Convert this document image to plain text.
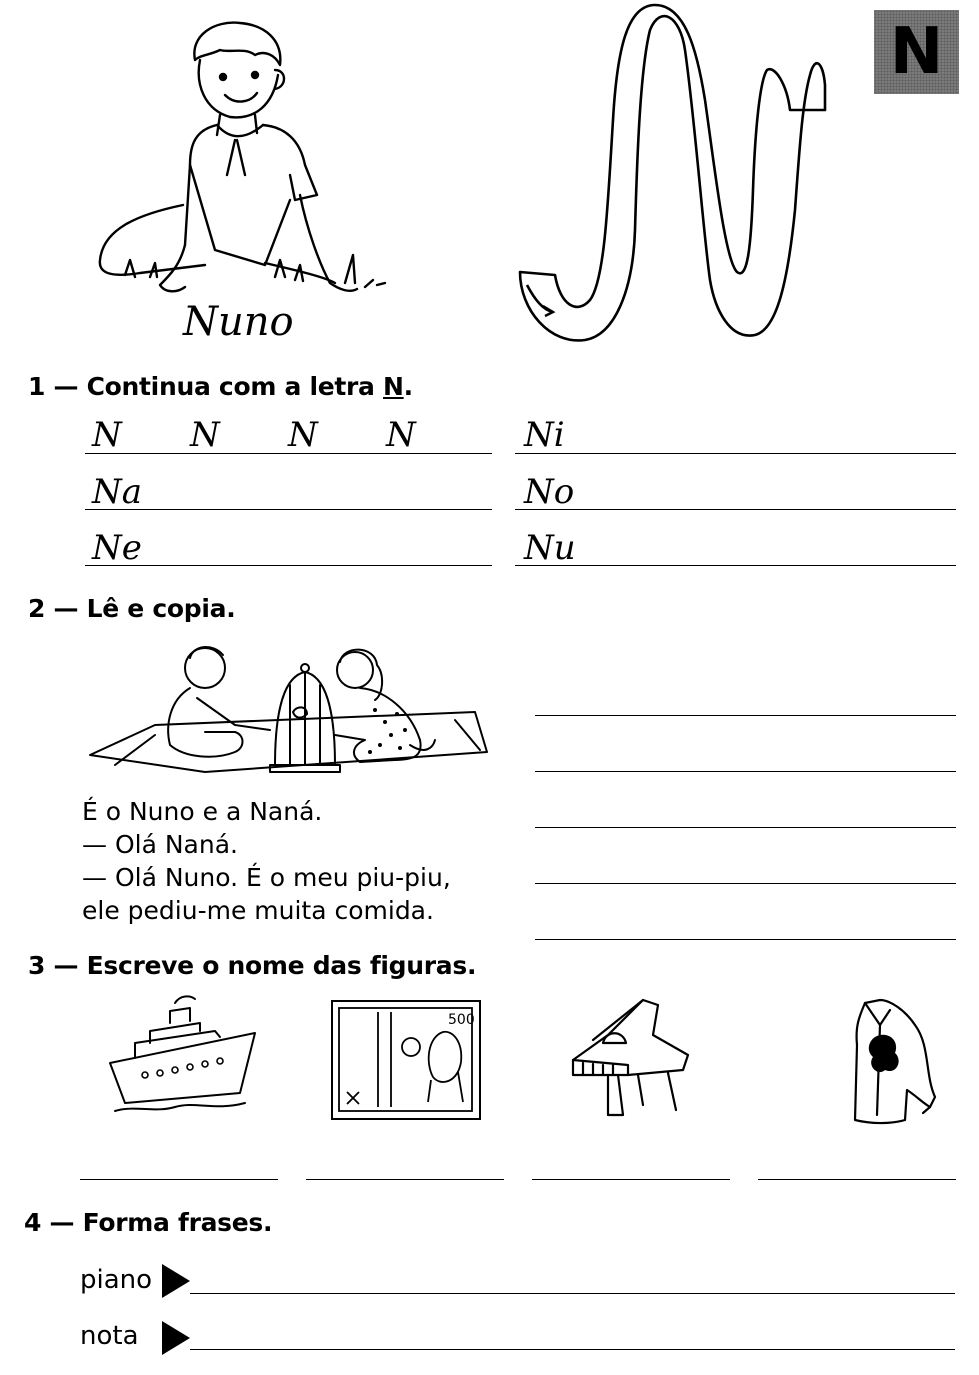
N
Nuno
1 — Continua com a letra N.
N N N N
Na
Ne
Ni
No
Nu
2 — Lê e copia.
É o Nuno e a Naná.
— Olá Naná.
— Olá Nuno. É o meu piu-piu,
ele pediu-me muita comida.
3 — Escreve o nome das figuras.
500
4 — Forma frases.
piano
nota
